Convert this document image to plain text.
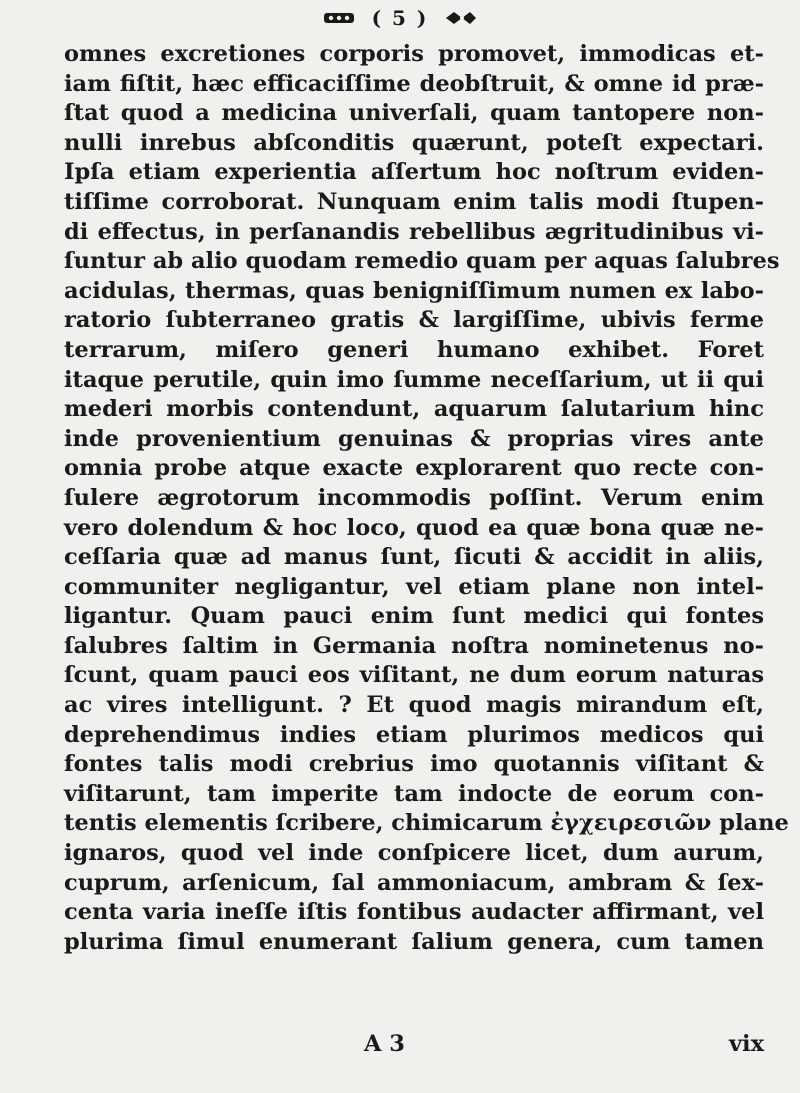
( 5 )
omnes excretiones corporis promovet, immodicas et-
iam fiſtit, hæc efficaciſſime deobſtruit, & omne id præ-
ſtat quod a medicina univerſali, quam tantopere non-
nulli inrebus abſconditis quærunt, poteſt expectari.
Ipſa etiam experientia aſſertum hoc noſtrum eviden-
tiſſime corroborat. Nunquam enim talis modi ſtupen-
di effectus, in perſanandis rebellibus ægritudinibus vi-
ſuntur ab alio quodam remedio quam per aquas ſalubres
acidulas, thermas, quas benigniſſimum numen ex labo-
ratorio ſubterraneo gratis & largiſſime, ubivis ferme
terrarum, miſero generi humano exhibet. Foret
itaque perutile, quin imo ſumme neceſſarium, ut ii qui
mederi morbis contendunt, aquarum ſalutarium hinc
inde provenientium genuinas & proprias vires ante
omnia probe atque exacte explorarent quo recte con-
ſulere ægrotorum incommodis poſſint. Verum enim
vero dolendum & hoc loco, quod ea quæ bona quæ ne-
ceſſaria quæ ad manus ſunt, ſicuti & accidit in aliis,
communiter negligantur, vel etiam plane non intel-
ligantur. Quam pauci enim ſunt medici qui fontes
ſalubres ſaltim in Germania noſtra nominetenus no-
ſcunt, quam pauci eos viſitant, ne dum eorum naturas
ac vires intelligunt. ? Et quod magis mirandum eſt,
deprehendimus indies etiam plurimos medicos qui
fontes talis modi crebrius imo quotannis viſitant &
viſitarunt, tam imperite tam indocte de eorum con-
tentis elementis ſcribere, chimicarum ἐγχειρεσιῶν plane
ignaros, quod vel inde conſpicere licet, dum aurum,
cuprum, arſenicum, ſal ammoniacum, ambram & ſex-
centa varia ineſſe iſtis fontibus audacter affirmant, vel
plurima ſimul enumerant ſalium genera, cum tamen
A 3	vix
